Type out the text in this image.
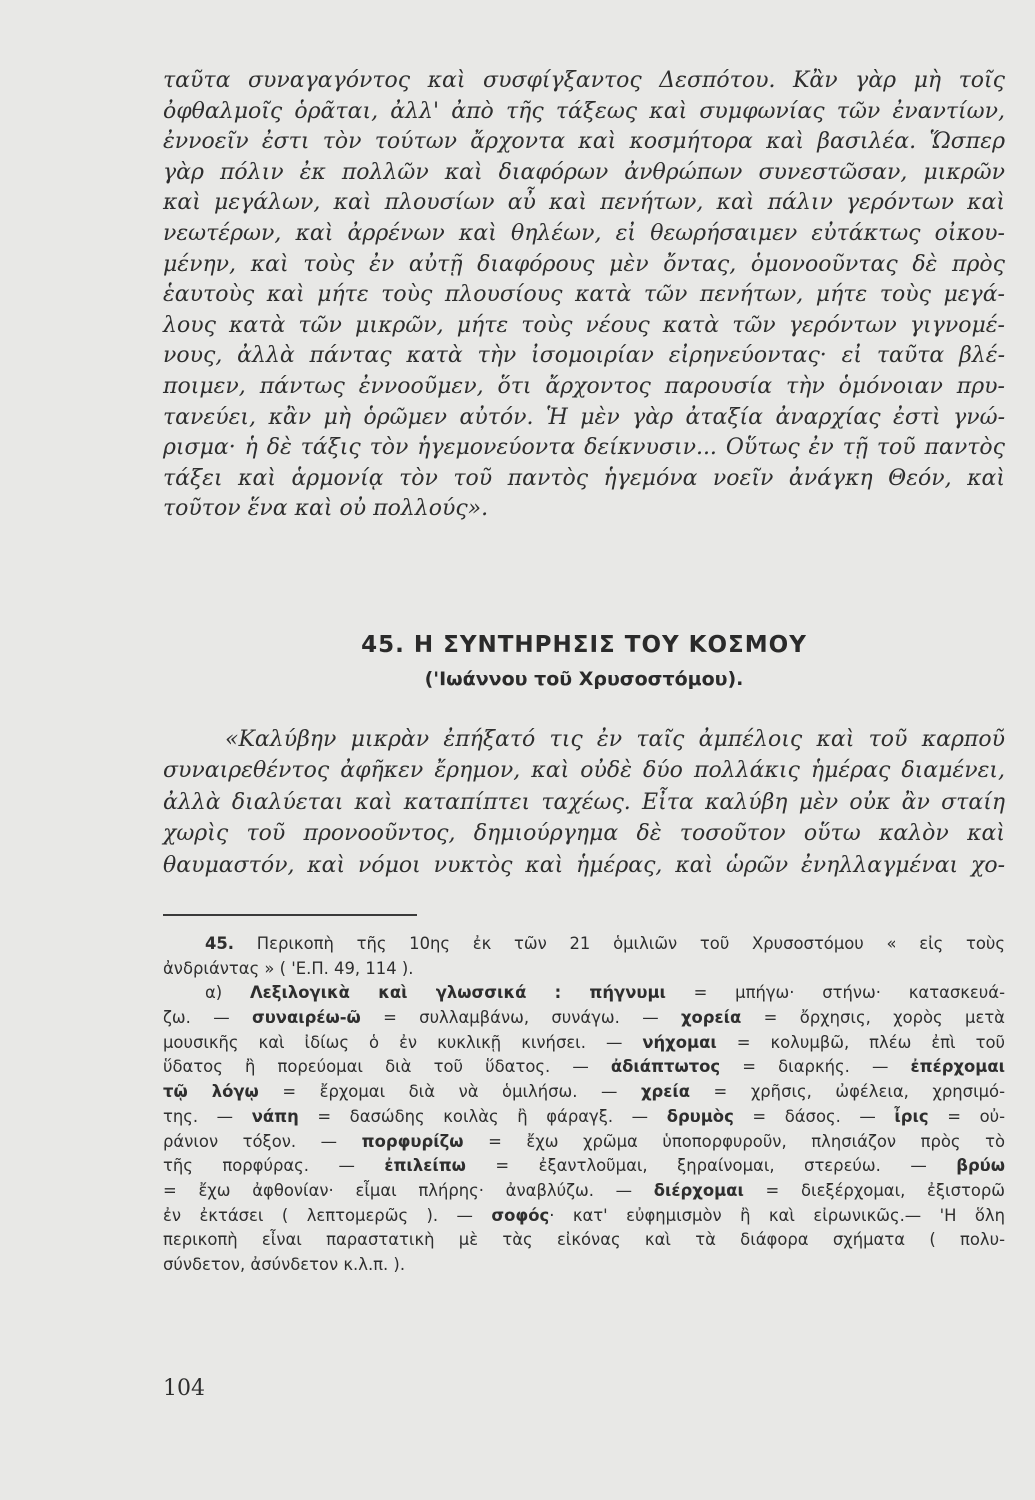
ταῦτα συναγαγόντος καὶ συσφίγξαντος Δεσπότου. Κἂν γὰρ μὴ τοῖς
ὀφθαλμοῖς ὁρᾶται, ἀλλ' ἀπὸ τῆς τάξεως καὶ συμφωνίας τῶν ἐναντίων,
ἐννοεῖν ἐστι τὸν τούτων ἄρχοντα καὶ κοσμήτορα καὶ βασιλέα. Ὥσπερ
γὰρ πόλιν ἐκ πολλῶν καὶ διαφόρων ἀνθρώπων συνεστῶσαν, μικρῶν
καὶ μεγάλων, καὶ πλουσίων αὖ καὶ πενήτων, καὶ πάλιν γερόντων καὶ
νεωτέρων, καὶ ἀρρένων καὶ θηλέων, εἰ θεωρήσαιμεν εὐτάκτως οἰκου-
μένην, καὶ τοὺς ἐν αὐτῇ διαφόρους μὲν ὄντας, ὁμονοοῦντας δὲ πρὸς
ἑαυτοὺς καὶ μήτε τοὺς πλουσίους κατὰ τῶν πενήτων, μήτε τοὺς μεγά-
λους κατὰ τῶν μικρῶν, μήτε τοὺς νέους κατὰ τῶν γερόντων γιγνομέ-
νους, ἀλλὰ πάντας κατὰ τὴν ἰσομοιρίαν εἰρηνεύοντας· εἰ ταῦτα βλέ-
ποιμεν, πάντως ἐννοοῦμεν, ὅτι ἄρχοντος παρουσία τὴν ὁμόνοιαν πρυ-
τανεύει, κἂν μὴ ὁρῶμεν αὐτόν. Ἡ μὲν γὰρ ἀταξία ἀναρχίας ἐστὶ γνώ-
ρισμα· ἡ δὲ τάξις τὸν ἡγεμονεύοντα δείκνυσιν... Οὕτως ἐν τῇ τοῦ παντὸς
τάξει καὶ ἁρμονίᾳ τὸν τοῦ παντὸς ἡγεμόνα νοεῖν ἀνάγκη Θεόν, καὶ
τοῦτον ἕνα καὶ οὐ πολλούς».
45. Η ΣΥΝΤΗΡΗΣΙΣ ΤΟΥ ΚΟΣΜΟΥ
('Ιωάννου τοῦ Χρυσοστόμου).
«Καλύβην μικρὰν ἐπήξατό τις ἐν ταῖς ἀμπέλοις καὶ τοῦ καρποῦ
συναιρεθέντος ἀφῆκεν ἔρημον, καὶ οὐδὲ δύο πολλάκις ἡμέρας διαμένει,
ἀλλὰ διαλύεται καὶ καταπίπτει ταχέως. Εἶτα καλύβη μὲν οὐκ ἂν σταίη
χωρὶς τοῦ προνοοῦντος, δημιούργημα δὲ τοσοῦτον οὕτω καλὸν καὶ
θαυμαστόν, καὶ νόμοι νυκτὸς καὶ ἡμέρας, καὶ ὡρῶν ἐνηλλαγμέναι χο-
45. Περικοπὴ τῆς 10ης ἐκ τῶν 21 ὁμιλιῶν τοῦ Χρυσοστόμου « εἰς τοὺς
ἀνδριάντας » ( 'Ε.Π. 49, 114 ).
α) Λεξιλογικὰ καὶ γλωσσικά : πήγνυμι = μπήγω· στήνω· κατασκευά-
ζω. — συναιρέω-ῶ = συλλαμβάνω, συνάγω. — χορεία = ὄρχησις, χορὸς μετὰ
μουσικῆς καὶ ἰδίως ὁ ἐν κυκλικῇ κινήσει. — νήχομαι = κολυμβῶ, πλέω ἐπὶ τοῦ
ὕδατος ἢ πορεύομαι διὰ τοῦ ὕδατος. — ἀδιάπτωτος = διαρκής. — ἐπέρχομαι
τῷ λόγῳ = ἔρχομαι διὰ νὰ ὁμιλήσω. — χρεία = χρῆσις, ὠφέλεια, χρησιμό-
της. — νάπη = δασώδης κοιλὰς ἢ φάραγξ. — δρυμὸς = δάσος. — ἶρις = οὐ-
ράνιον τόξον. — πορφυρίζω = ἔχω χρῶμα ὑποπορφυροῦν, πλησιάζον πρὸς τὸ
τῆς πορφύρας. — ἐπιλείπω = ἐξαντλοῦμαι, ξηραίνομαι, στερεύω. — βρύω
= ἔχω ἀφθονίαν· εἶμαι πλήρης· ἀναβλύζω. — διέρχομαι = διεξέρχομαι, ἐξιστορῶ
ἐν ἐκτάσει ( λεπτομερῶς ). — σοφός· κατ' εὐφημισμὸν ἢ καὶ εἰρωνικῶς.— 'Η ὅλη
περικοπὴ εἶναι παραστατικὴ μὲ τὰς εἰκόνας καὶ τὰ διάφορα σχήματα ( πολυ-
σύνδετον, ἀσύνδετον κ.λ.π. ).
104
